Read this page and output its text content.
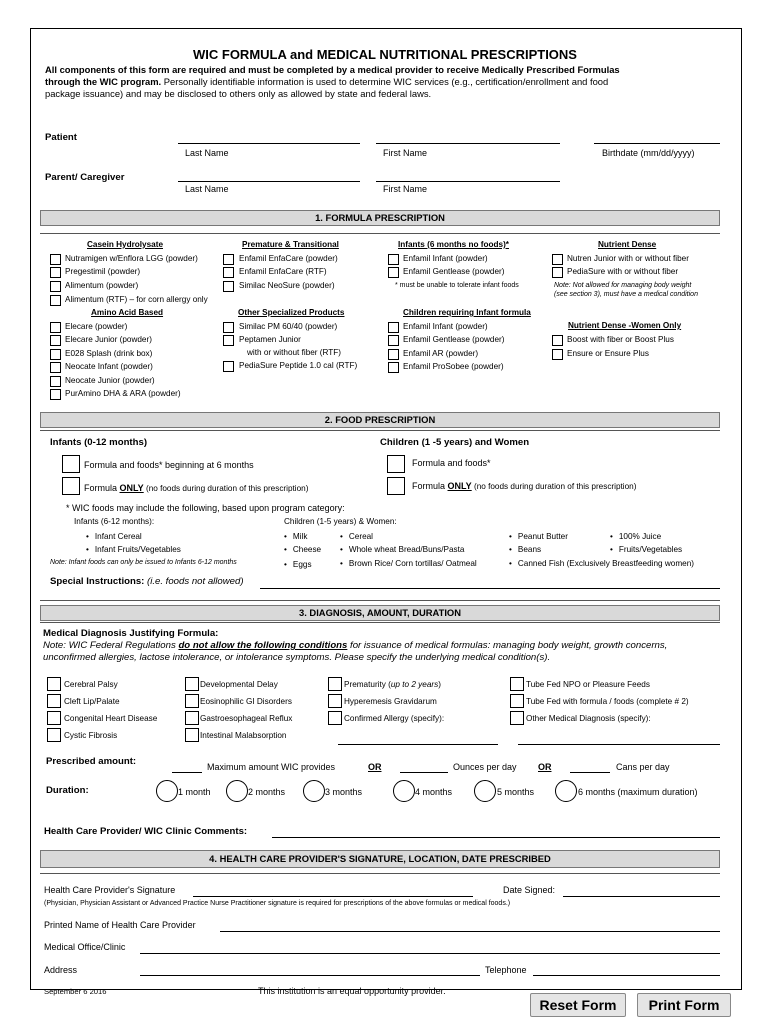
WIC FORMULA and MEDICAL NUTRITIONAL PRESCRIPTIONS
All components of this form are required and must be completed by a medical provider to receive Medically Prescribed Formulas
through the WIC program. Personally identifiable information is used to determine WIC services (e.g., certification/enrollment and food
package issuance) and may be disclosed to others only as allowed by state and federal laws.
Patient
Last Name	First Name	Birthdate (mm/dd/yyyy)
Parent/ Caregiver
Last Name	First Name
1. FORMULA PRESCRIPTION
Casein Hydrolysate
Nutramigen w/Enflora LGG (powder)
Pregestimil (powder)
Alimentum (powder)
Alimentum (RTF) – for corn allergy only
Amino Acid Based
Elecare (powder)
Elecare Junior (powder)
E028 Splash (drink box)
Neocate Infant (powder)
Neocate Junior (powder)
PurAmino DHA & ARA (powder)
Premature & Transitional
Enfamil EnfaCare (powder)
Enfamil EnfaCare (RTF)
Similac NeoSure (powder)
Other Specialized Products
Similac PM 60/40 (powder)
Peptamen Junior
with or without fiber (RTF)
PediaSure Peptide 1.0 cal (RTF)
Infants (6 months no foods)*
Enfamil Infant (powder)
Enfamil Gentlease (powder)
* must be unable to tolerate infant foods
Children requiring Infant formula
Enfamil Infant (powder)
Enfamil Gentlease (powder)
Enfamil AR (powder)
Enfamil ProSobee (powder)
Nutrient Dense
Nutren Junior with or without fiber
PediaSure with or without fiber
Note: Not allowed for managing body weight
(see section 3), must have a medical condition
Nutrient Dense -Women Only
Boost with fiber or Boost Plus
Ensure or Ensure Plus
2. FOOD PRESCRIPTION
Infants (0-12 months)	Children (1 -5 years) and Women
Formula and foods* beginning at 6 months
Formula ONLY (no foods during duration of this prescription)
Formula and foods*
Formula ONLY (no foods during duration of this prescription)
* WIC foods may include the following, based upon program category:
Infants (6-12 months):	Children (1-5 years) & Women:
• Infant Cereal
• Infant Fruits/Vegetables
Note: Infant foods can only be issued to Infants 6-12 months
• Milk
• Cheese
• Eggs
• Cereal
• Whole wheat Bread/Buns/Pasta
• Brown Rice/ Corn tortillas/ Oatmeal
• Peanut Butter
• Beans
• Canned Fish (Exclusively Breastfeeding women)
• 100% Juice
• Fruits/Vegetables
Special Instructions: (i.e. foods not allowed)
3. DIAGNOSIS, AMOUNT, DURATION
Medical Diagnosis Justifying Formula:
Note: WIC Federal Regulations do not allow the following conditions for issuance of medical formulas: managing body weight, growth concerns,
unconfirmed allergies, lactose intolerance, or intolerance symptoms. Please specify the underlying medical condition(s).
Cerebral Palsy
Cleft Lip/Palate
Congenital Heart Disease
Cystic Fibrosis
Developmental Delay
Eosinophilic GI Disorders
Gastroesophageal Reflux
Intestinal Malabsorption
Prematurity (up to 2 years)
Hyperemesis Gravidarum
Confirmed Allergy (specify):
Tube Fed NPO or Pleasure Feeds
Tube Fed with formula / foods (complete # 2)
Other Medical Diagnosis (specify):
Prescribed amount:	Maximum amount WIC provides	OR	Ounces per day OR	Cans per day
Duration:	1 month	2 months	3 months	4 months	5 months	6 months (maximum duration)
Health Care Provider/ WIC Clinic Comments:
4. HEALTH CARE PROVIDER'S SIGNATURE, LOCATION, DATE PRESCRIBED
Health Care Provider's Signature	Date Signed:
(Physician, Physician Assistant or Advanced Practice Nurse Practitioner signature is required for prescriptions of the above formulas or medical foods.)
Printed Name of Health Care Provider
Medical Office/Clinic
Address	Telephone
September 6 2016	This institution is an equal opportunity provider.
Reset Form	Print Form
